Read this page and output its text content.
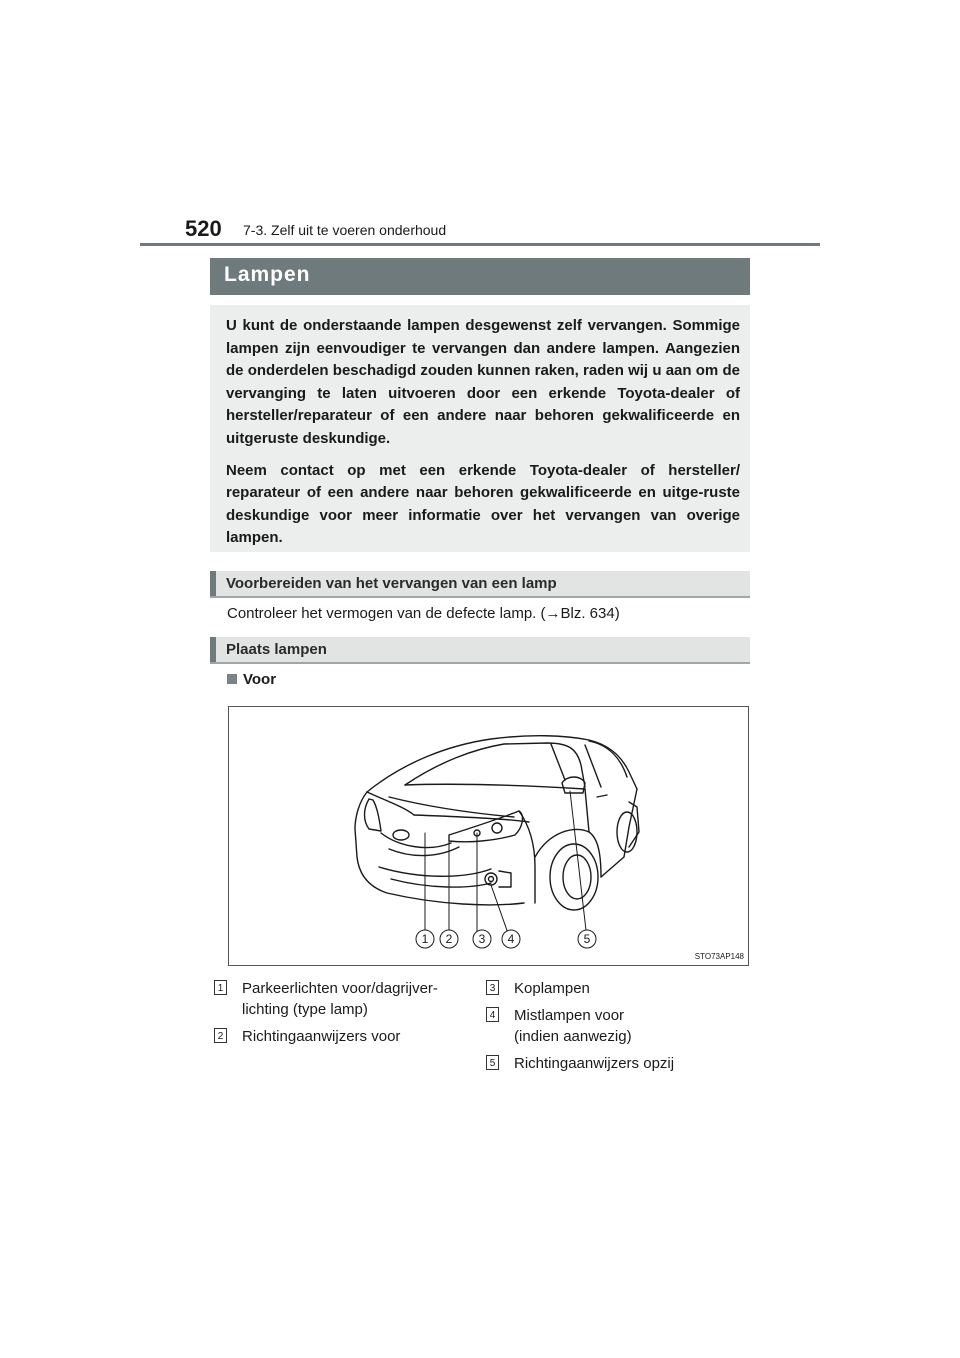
520 7-3. Zelf uit te voeren onderhoud
Lampen

U kunt de onderstaande lampen desgewenst zelf vervangen. Sommige lampen zijn eenvoudiger te vervangen dan andere lampen. Aangezien de onderdelen beschadigd zouden kunnen raken, raden wij u aan om de vervanging te laten uitvoeren door een erkende Toyota-dealer of hersteller/reparateur of een andere naar behoren gekwalificeerde en uitgeruste deskundige.

Neem contact op met een erkende Toyota-dealer of hersteller/ reparateur of een andere naar behoren gekwalificeerde en uitge-ruste deskundige voor meer informatie over het vervangen van overige lampen.

Voorbereiden van het vervangen van een lamp
Controleer het vermogen van de defecte lamp. (→Blz. 634)
Plaats lampen
Voor
1 2 3 4	5
STO73AP148
1 Parkeerlichten voor/dagrijver-
lichting (type lamp)
2 Richtingaanwijzers voor
3 Koplampen
4 Mistlampen voor
(indien aanwezig)
5 Richtingaanwijzers opzij
